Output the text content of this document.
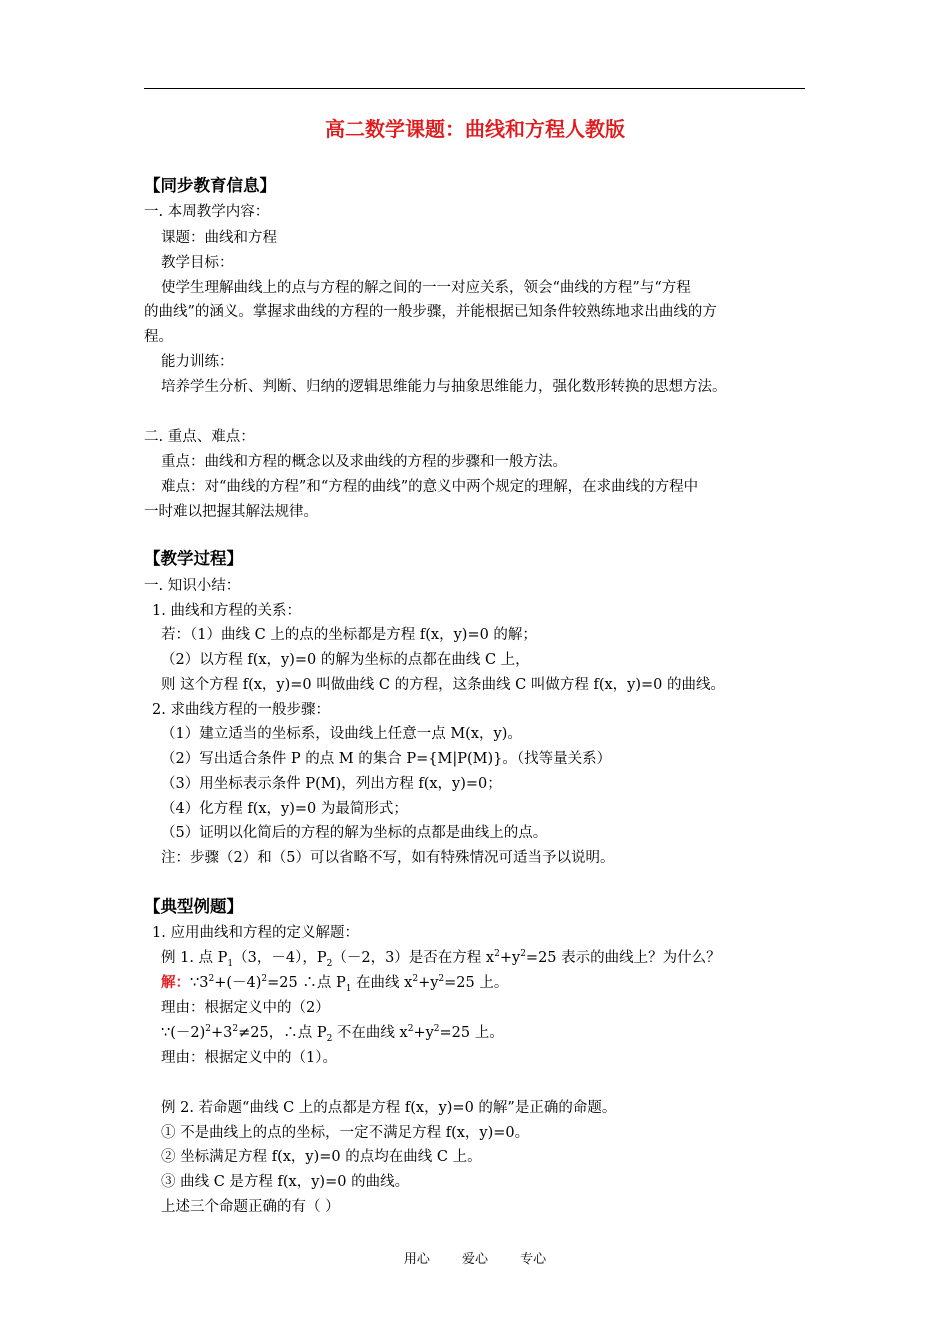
高二数学课题：曲线和方程人教版
【同步教育信息】
一. 本周教学内容：
课题：曲线和方程
教学目标：
使学生理解曲线上的点与方程的解之间的一一对应关系，领会“曲线的方程”与“方程
的曲线”的涵义。掌握求曲线的方程的一般步骤，并能根据已知条件较熟练地求出曲线的方
程。
能力训练：
培养学生分析、判断、归纳的逻辑思维能力与抽象思维能力，强化数形转换的思想方法。
二. 重点、难点：
重点：曲线和方程的概念以及求曲线的方程的步骤和一般方法。
难点：对“曲线的方程”和“方程的曲线”的意义中两个规定的理解，在求曲线的方程中
一时难以把握其解法规律。
【教学过程】
一. 知识小结：
1. 曲线和方程的关系：
若：（1）曲线 C 上的点的坐标都是方程 f(x，y)=0 的解；
（2）以方程 f(x，y)=0 的解为坐标的点都在曲线 C 上，
则 这个方程 f(x，y)=0 叫做曲线 C 的方程，这条曲线 C 叫做方程 f(x，y)=0 的曲线。
2. 求曲线方程的一般步骤：
（1）建立适当的坐标系，设曲线上任意一点 M(x，y)。
（2）写出适合条件 P 的点 M 的集合 P={M|P(M)}。（找等量关系）
（3）用坐标表示条件 P(M)，列出方程 f(x，y)=0；
（4）化方程 f(x，y)=0 为最简形式；
（5）证明以化简后的方程的解为坐标的点都是曲线上的点。
注：步骤（2）和（5）可以省略不写，如有特殊情况可适当予以说明。
【典型例题】
1. 应用曲线和方程的定义解题：
例 1. 点 $P_1(3$，－4），$P_2(-2$，3）是否在方程 $x^2+y^2=25$ 表示的曲线上？为什么？
解：$\because 3^2+(-4)^2=25$ ∴点 $P_1$ 在曲线 $x^2+y^2=25$ 上。
理由：根据定义中的（2）
$\because(-2)^2+3^2\ne 25$，∴点 $P_2$ 不在曲线 $x^2+y^2=25$ 上。
理由：根据定义中的（1）。
例 2. 若命题“曲线 C 上的点都是方程 f(x，y)=0 的解”是正确的命题。
① 不是曲线上的点的坐标，一定不满足方程 f(x，y)=0。
② 坐标满足方程 f(x，y)=0 的点均在曲线 C 上。
③ 曲线 C 是方程 f(x，y)=0 的曲线。
上述三个命题正确的有（ ）
用心 爱心 专心
